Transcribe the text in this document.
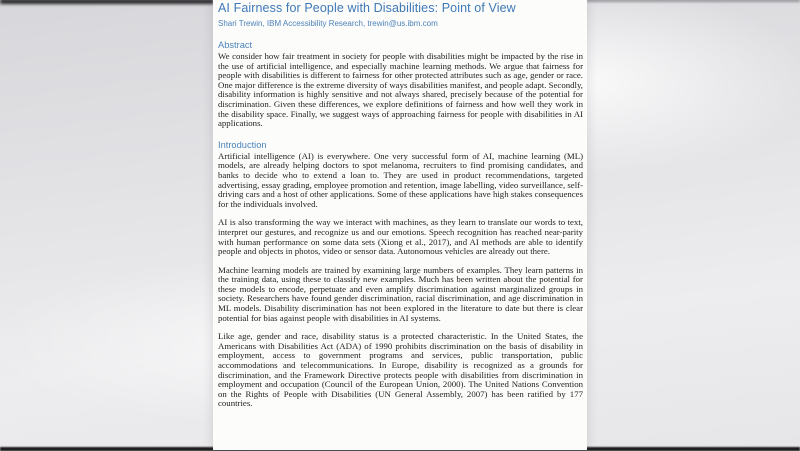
AI Fairness for People with Disabilities: Point of View
Shari Trewin, IBM Accessibility Research, trewin@us.ibm.com
Abstract

We consider how fair treatment in society for people with disabilities might be impacted by the rise in the use of artificial intelligence, and especially machine learning methods. We argue that fairness for people with disabilities is different to fairness for other protected attributes such as age, gender or race. One major difference is the extreme diversity of ways disabilities manifest, and people adapt. Secondly, disability information is highly sensitive and not always shared, precisely because of the potential for discrimination. Given these differences, we explore definitions of fairness and how well they work in the disability space. Finally, we suggest ways of approaching fairness for people with disabilities in AI applications.

Introduction

Artificial intelligence (AI) is everywhere. One very successful form of AI, machine learning (ML) models, are already helping doctors to spot melanoma, recruiters to find promising candidates, and banks to decide who to extend a loan to. They are used in product recommendations, targeted advertising, essay grading, employee promotion and retention, image labelling, video surveillance, self-driving cars and a host of other applications. Some of these applications have high stakes consequences for the individuals involved.

AI is also transforming the way we interact with machines, as they learn to translate our words to text, interpret our gestures, and recognize us and our emotions. Speech recognition has reached near-parity with human performance on some data sets (Xiong et al., 2017), and AI methods are able to identify people and objects in photos, video or sensor data. Autonomous vehicles are already out there.

Machine learning models are trained by examining large numbers of examples. They learn patterns in the training data, using these to classify new examples. Much has been written about the potential for these models to encode, perpetuate and even amplify discrimination against marginalized groups in society. Researchers have found gender discrimination, racial discrimination, and age discrimination in ML models. Disability discrimination has not been explored in the literature to date but there is clear potential for bias against people with disabilities in AI systems.

Like age, gender and race, disability status is a protected characteristic. In the United States, the Americans with Disabilities Act (ADA) of 1990 prohibits discrimination on the basis of disability in employment, access to government programs and services, public transportation, public accommodations and telecommunications. In Europe, disability is recognized as a grounds for discrimination, and the Framework Directive protects people with disabilities from discrimination in employment and occupation (Council of the European Union, 2000). The United Nations Convention on the Rights of People with Disabilities (UN General Assembly, 2007) has been ratified by 177 countries.
